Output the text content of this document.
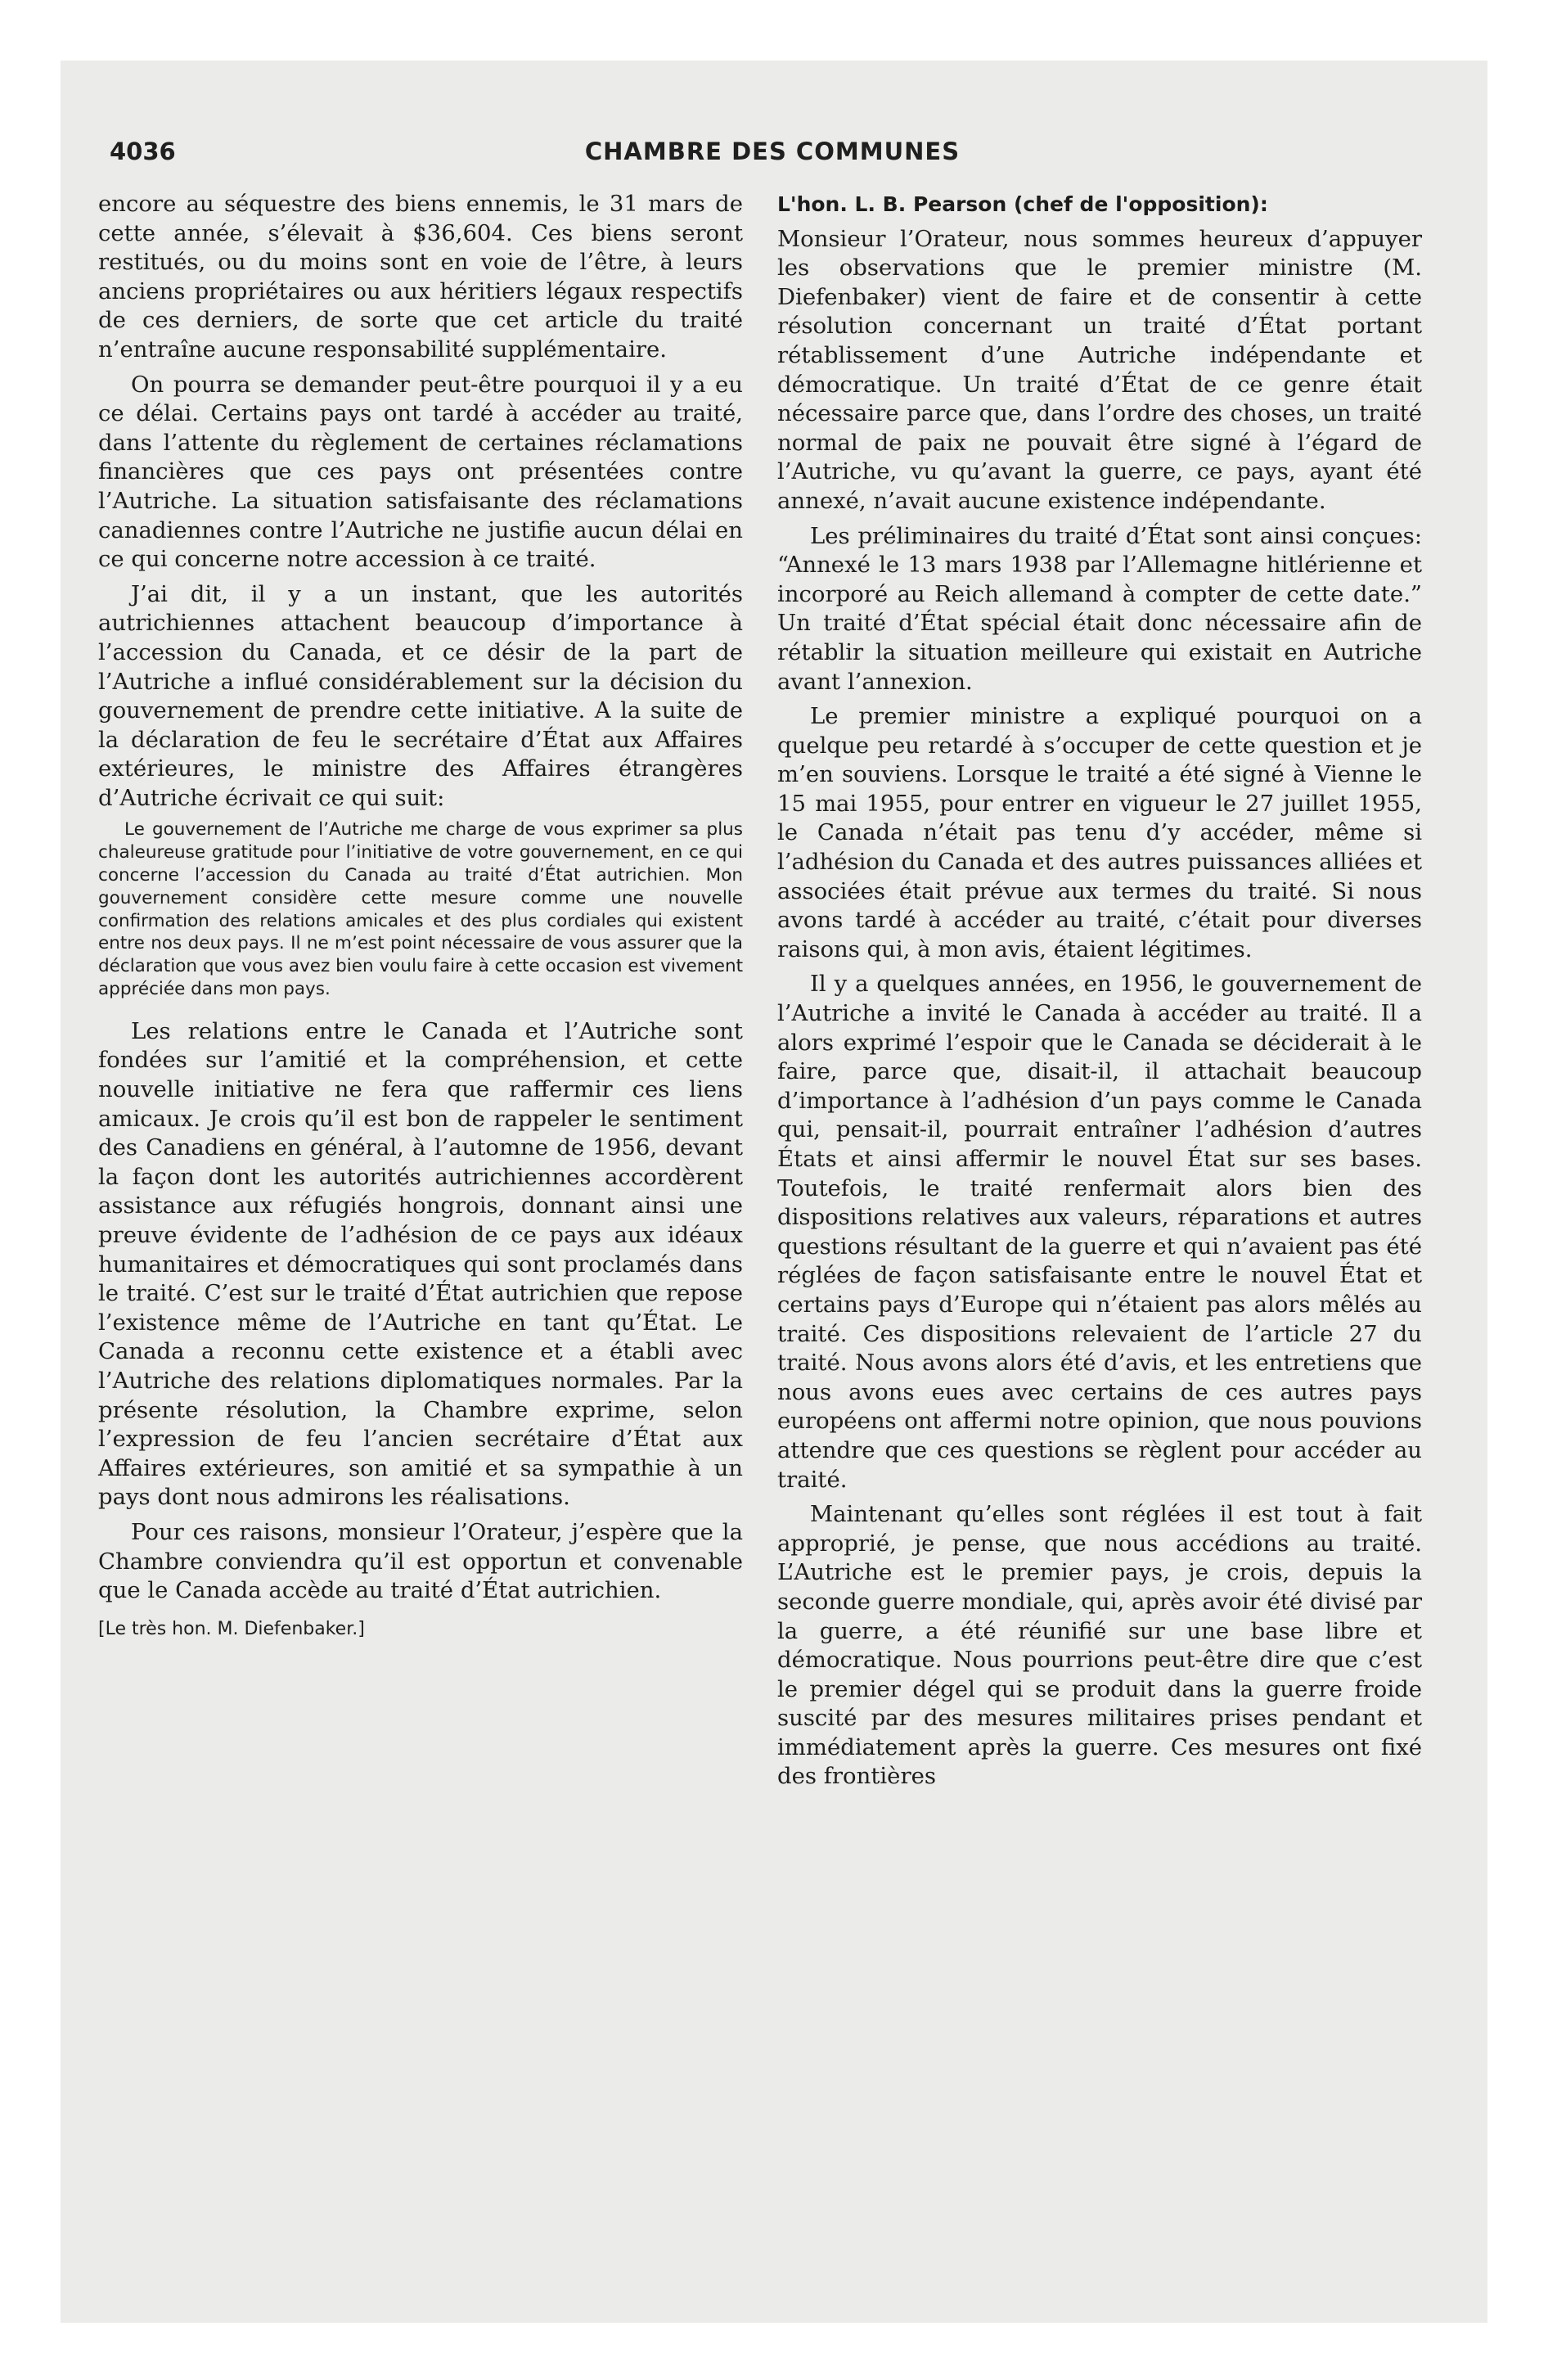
4036	CHAMBRE DES COMMUNES

encore au séquestre des biens ennemis, le 31 mars de cette année, s’élevait à $36,604. Ces biens seront restitués, ou du moins sont en voie de l’être, à leurs anciens propriétaires ou aux héritiers légaux respectifs de ces derniers, de sorte que cet article du traité n’entraîne aucune responsabilité supplémentaire.

On pourra se demander peut-être pourquoi il y a eu ce délai. Certains pays ont tardé à accéder au traité, dans l’attente du règlement de certaines réclamations financières que ces pays ont présentées contre l’Autriche. La situation satisfaisante des réclamations canadiennes contre l’Autriche ne justifie aucun délai en ce qui concerne notre accession à ce traité.

J’ai dit, il y a un instant, que les autorités autrichiennes attachent beaucoup d’importance à l’accession du Canada, et ce désir de la part de l’Autriche a influé considérablement sur la décision du gouvernement de prendre cette initiative. A la suite de la déclaration de feu le secrétaire d’État aux Affaires extérieures, le ministre des Affaires étrangères d’Autriche écrivait ce qui suit:

Le gouvernement de l’Autriche me charge de vous exprimer sa plus chaleureuse gratitude pour l’initiative de votre gouvernement, en ce qui concerne l’accession du Canada au traité d’État autrichien. Mon gouvernement considère cette mesure comme une nouvelle confirmation des relations amicales et des plus cordiales qui existent entre nos deux pays. Il ne m’est point nécessaire de vous assurer que la déclaration que vous avez bien voulu faire à cette occasion est vivement appréciée dans mon pays.

Les relations entre le Canada et l’Autriche sont fondées sur l’amitié et la compréhension, et cette nouvelle initiative ne fera que raffermir ces liens amicaux. Je crois qu’il est bon de rappeler le sentiment des Canadiens en général, à l’automne de 1956, devant la façon dont les autorités autrichiennes accordèrent assistance aux réfugiés hongrois, donnant ainsi une preuve évidente de l’adhésion de ce pays aux idéaux humanitaires et démocratiques qui sont proclamés dans le traité. C’est sur le traité d’État autrichien que repose l’existence même de l’Autriche en tant qu’État. Le Canada a reconnu cette existence et a établi avec l’Autriche des relations diplomatiques normales. Par la présente résolution, la Chambre exprime, selon l’expression de feu l’ancien secrétaire d’État aux Affaires extérieures, son amitié et sa sympathie à un pays dont nous admirons les réalisations.

Pour ces raisons, monsieur l’Orateur, j’espère que la Chambre conviendra qu’il est opportun et convenable que le Canada accède au traité d’État autrichien.

[Le très hon. M. Diefenbaker.]

L'hon. L. B. Pearson (chef de l'opposition):

Monsieur l’Orateur, nous sommes heureux d’appuyer les observations que le premier ministre (M. Diefenbaker) vient de faire et de consentir à cette résolution concernant un traité d’État portant rétablissement d’une Autriche indépendante et démocratique. Un traité d’État de ce genre était nécessaire parce que, dans l’ordre des choses, un traité normal de paix ne pouvait être signé à l’égard de l’Autriche, vu qu’avant la guerre, ce pays, ayant été annexé, n’avait aucune existence indépendante.

Les préliminaires du traité d’État sont ainsi conçues: “Annexé le 13 mars 1938 par l’Allemagne hitlérienne et incorporé au Reich allemand à compter de cette date.” Un traité d’État spécial était donc nécessaire afin de rétablir la situation meilleure qui existait en Autriche avant l’annexion.

Le premier ministre a expliqué pourquoi on a quelque peu retardé à s’occuper de cette question et je m’en souviens. Lorsque le traité a été signé à Vienne le 15 mai 1955, pour entrer en vigueur le 27 juillet 1955, le Canada n’était pas tenu d’y accéder, même si l’adhésion du Canada et des autres puissances alliées et associées était prévue aux termes du traité. Si nous avons tardé à accéder au traité, c’était pour diverses raisons qui, à mon avis, étaient légitimes.

Il y a quelques années, en 1956, le gouvernement de l’Autriche a invité le Canada à accéder au traité. Il a alors exprimé l’espoir que le Canada se déciderait à le faire, parce que, disait-il, il attachait beaucoup d’importance à l’adhésion d’un pays comme le Canada qui, pensait-il, pourrait entraîner l’adhésion d’autres États et ainsi affermir le nouvel État sur ses bases. Toutefois, le traité renfermait alors bien des dispositions relatives aux valeurs, réparations et autres questions résultant de la guerre et qui n’avaient pas été réglées de façon satisfaisante entre le nouvel État et certains pays d’Europe qui n’étaient pas alors mêlés au traité. Ces dispositions relevaient de l’article 27 du traité. Nous avons alors été d’avis, et les entretiens que nous avons eues avec certains de ces autres pays européens ont affermi notre opinion, que nous pouvions attendre que ces questions se règlent pour accéder au traité.

Maintenant qu’elles sont réglées il est tout à fait approprié, je pense, que nous accédions au traité. L’Autriche est le premier pays, je crois, depuis la seconde guerre mondiale, qui, après avoir été divisé par la guerre, a été réunifié sur une base libre et démocratique. Nous pourrions peut-être dire que c’est le premier dégel qui se produit dans la guerre froide suscité par des mesures militaires prises pendant et immédiatement après la guerre. Ces mesures ont fixé des frontières
